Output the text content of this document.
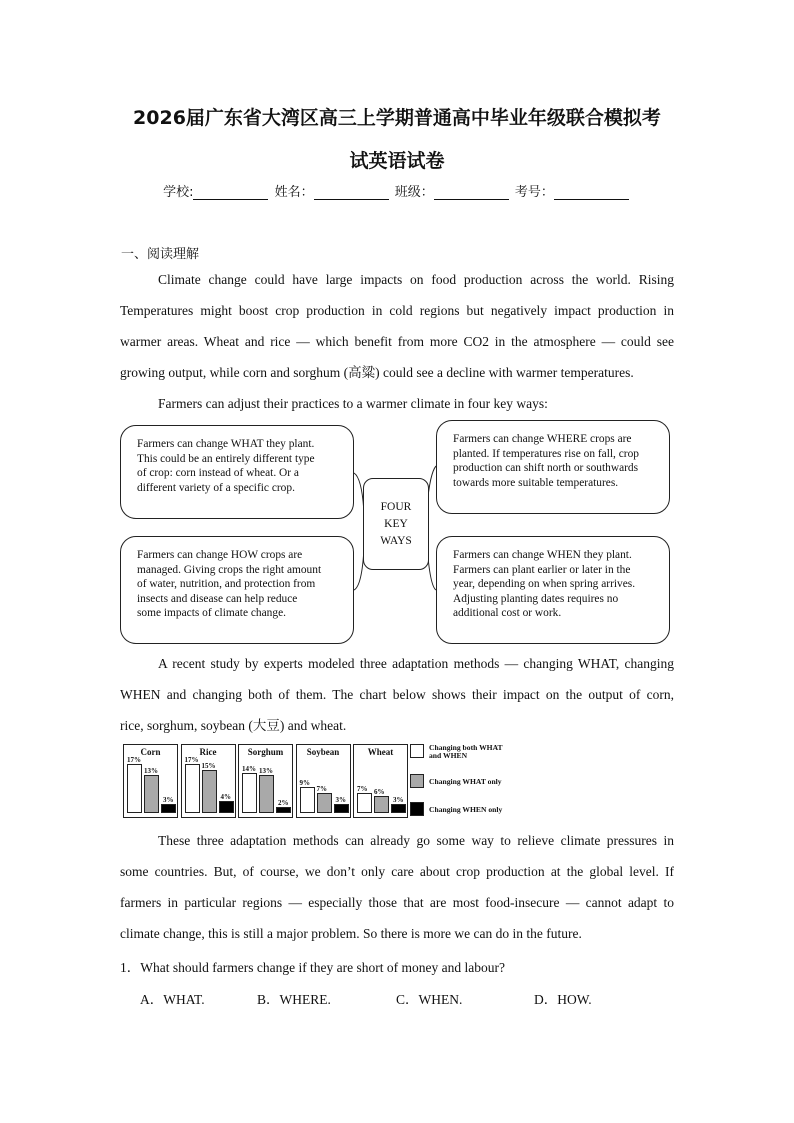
2026届广东省大湾区高三上学期普通高中毕业年级联合模拟考
试英语试卷
学校:	姓名：	班级：	考号：
一、阅读理解
Climate change could have large impacts on food production across the world. Rising
Temperatures might boost crop production in cold regions but negatively impact production in
warmer areas. Wheat and rice — which benefit from more CO2 in the atmosphere — could see
growing output, while corn and sorghum (高粱) could see a decline with warmer temperatures.
Farmers can adjust their practices to a warmer climate in four key ways:
Farmers can change WHAT they plant.
This could be an entirely different type
of crop: corn instead of wheat. Or a
different variety of a specific crop.
Farmers can change WHERE crops are
planted. If temperatures rise on fall, crop
production can shift north or southwards
towards more suitable temperatures.
FOUR
KEY
WAYS
Farmers can change HOW crops are
managed. Giving crops the right amount
of water, nutrition, and protection from
insects and disease can help reduce
some impacts of climate change.
Farmers can change WHEN they plant.
Farmers can plant earlier or later in the
year, depending on when spring arrives.
Adjusting planting dates requires no
additional cost or work.
A recent study by experts modeled three adaptation methods — changing WHAT, changing
WHEN and changing both of them. The chart below shows their impact on the output of corn,
rice, sorghum, soybean (大豆) and wheat.
Changing both WHAT
and WHEN
Changing WHAT only
Changing WHEN only
Corn
17%
13%
3%
Rice
17%
15%
4%
Sorghum
14% 13%
2%
Soybean
9%
7%
3%
Wheat
7% 6%
3%
These three adaptation methods can already go some way to relieve climate pressures in
some countries. But, of course, we don’t only care about crop production at the global level. If
farmers in particular regions — especially those that are most food-insecure — cannot adapt to
climate change, this is still a major problem. So there is more we can do in the future.
1．What should farmers change if they are short of money and labour?
A．WHAT.	B．WHERE.	C．WHEN.	D．HOW.
